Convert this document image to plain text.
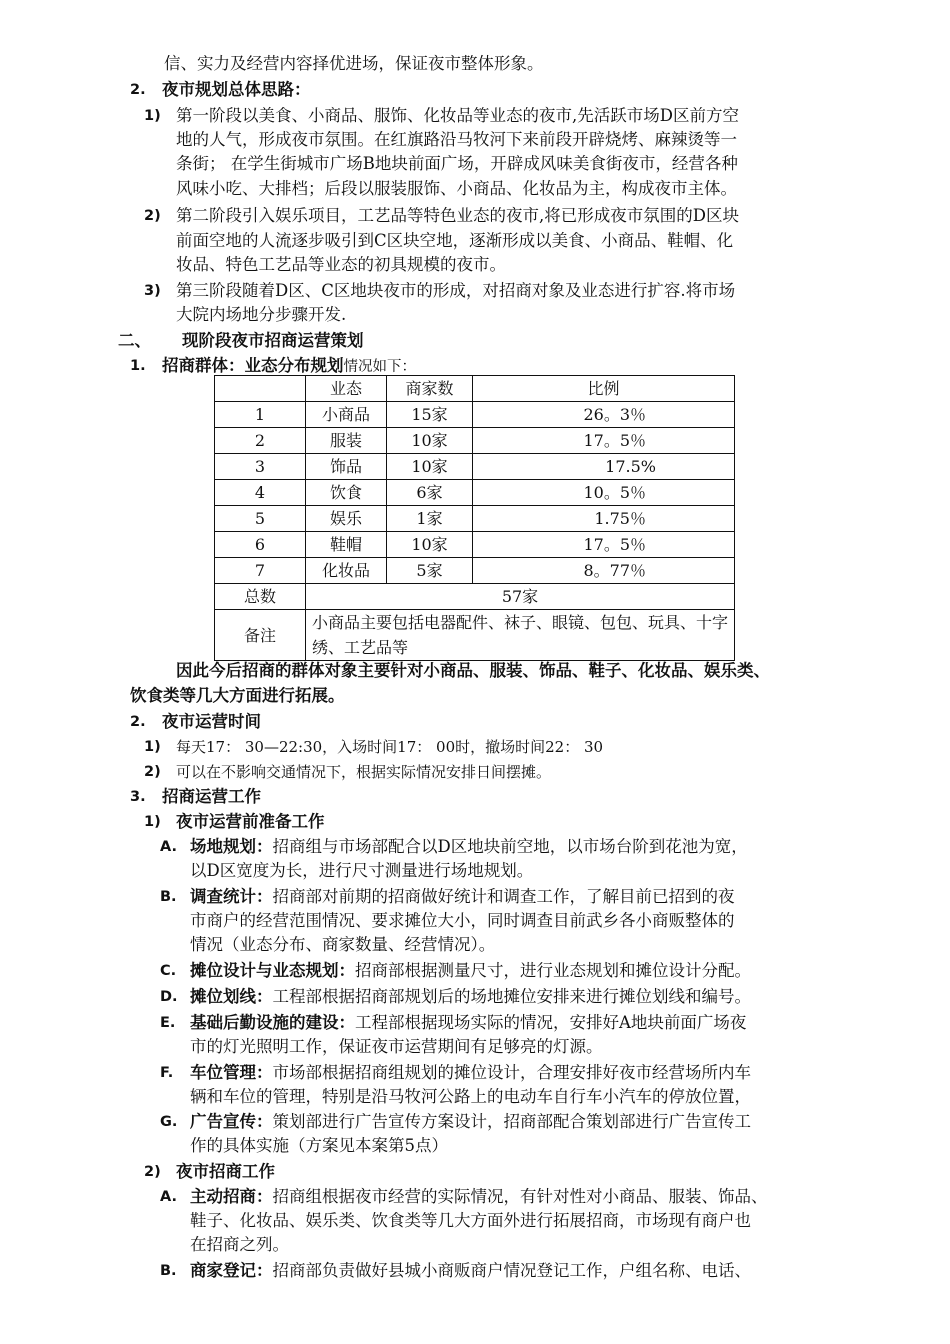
信、实力及经营内容择优进场，保证夜市整体形象。
2. 夜市规划总体思路：
1) 第一阶段以美食、小商品、服饰、化妆品等业态的夜市,先活跃市场D区前方空
地的人气，形成夜市氛围。在红旗路沿马牧河下来前段开辟烧烤、麻辣烫等一
条街； 在学生街城市广场B地块前面广场，开辟成风味美食街夜市，经营各种
风味小吃、大排档；后段以服装服饰、小商品、化妆品为主，构成夜市主体。
2) 第二阶段引入娱乐项目，工艺品等特色业态的夜市,将已形成夜市氛围的D区块
前面空地的人流逐步吸引到C区块空地，逐渐形成以美食、小商品、鞋帽、化
妆品、特色工艺品等业态的初具规模的夜市。
3) 第三阶段随着D区、C区地块夜市的形成，对招商对象及业态进行扩容.将市场
大院内场地分步骤开发.
二、 现阶段夜市招商运营策划
1. 招商群体：业态分布规划情况如下：
	业态	商家数	比例
1	小商品	15家	26。3％
2	服装	10家	17。5％
3	饰品	10家	17.5%
4	饮食	6家	10。5％
5	娱乐	1家	1.75％
6	鞋帽	10家	17。5％
7	化妆品	5家	8。77％
总数	57家		
备注	小商品主要包括电器配件、袜子、眼镜、包包、玩具、十字绣、工艺品等		
因此今后招商的群体对象主要针对小商品、服装、饰品、鞋子、化妆品、娱乐类、
饮食类等几大方面进行拓展。
2. 夜市运营时间
1) 每天17： 30—22:30，入场时间17： 00时，撤场时间22： 30
2) 可以在不影响交通情况下，根据实际情况安排日间摆摊。
3. 招商运营工作
1) 夜市运营前准备工作
A. 场地规划：招商组与市场部配合以D区地块前空地，以市场台阶到花池为宽，
以D区宽度为长，进行尺寸测量进行场地规划。
B. 调查统计：招商部对前期的招商做好统计和调查工作，了解目前已招到的夜
市商户的经营范围情况、要求摊位大小，同时调查目前武乡各小商贩整体的
情况（业态分布、商家数量、经营情况）。
C. 摊位设计与业态规划：招商部根据测量尺寸，进行业态规划和摊位设计分配。
D. 摊位划线：工程部根据招商部规划后的场地摊位安排来进行摊位划线和编号。
E. 基础后勤设施的建设：工程部根据现场实际的情况，安排好A地块前面广场夜
市的灯光照明工作，保证夜市运营期间有足够亮的灯源。
F. 车位管理：市场部根据招商组规划的摊位设计，合理安排好夜市经营场所内车
辆和车位的管理，特别是沿马牧河公路上的电动车自行车小汽车的停放位置，
G. 广告宣传：策划部进行广告宣传方案设计，招商部配合策划部进行广告宣传工
作的具体实施（方案见本案第5点）
2) 夜市招商工作
A. 主动招商：招商组根据夜市经营的实际情况，有针对性对小商品、服装、饰品、
鞋子、化妆品、娱乐类、饮食类等几大方面外进行拓展招商，市场现有商户也
在招商之列。
B. 商家登记：招商部负责做好县城小商贩商户情况登记工作，户组名称、电话、
